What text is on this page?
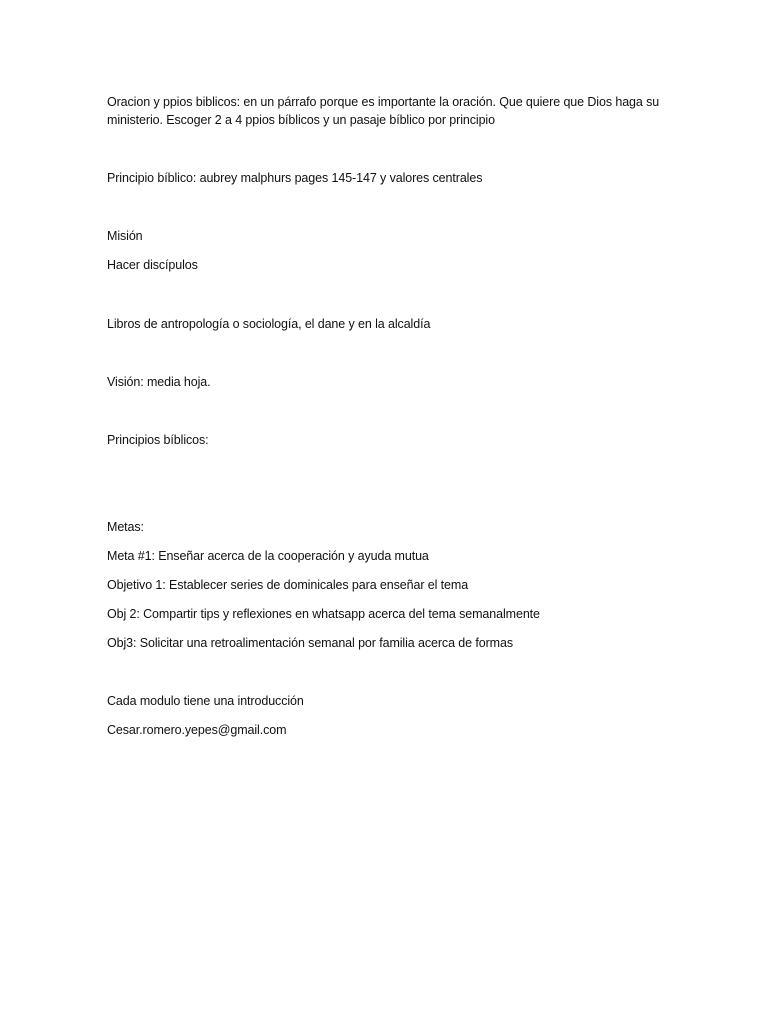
Oracion y ppios biblicos: en un párrafo porque es importante la oración. Que quiere que Dios haga su ministerio. Escoger 2 a 4 ppios bíblicos y un pasaje bíblico por principio
Principio bíblico: aubrey malphurs pages 145-147 y valores centrales
Misión
Hacer discípulos
Libros de antropología o sociología, el dane y en la alcaldía
Visión: media hoja.
Principios bíblicos:
Metas:
Meta #1: Enseñar acerca de la cooperación y ayuda mutua
Objetivo 1: Establecer series de dominicales para enseñar el tema
Obj 2: Compartir tips y reflexiones en whatsapp acerca del tema semanalmente
Obj3: Solicitar una retroalimentación semanal por familia acerca de formas
Cada modulo tiene una introducción
Cesar.romero.yepes@gmail.com
